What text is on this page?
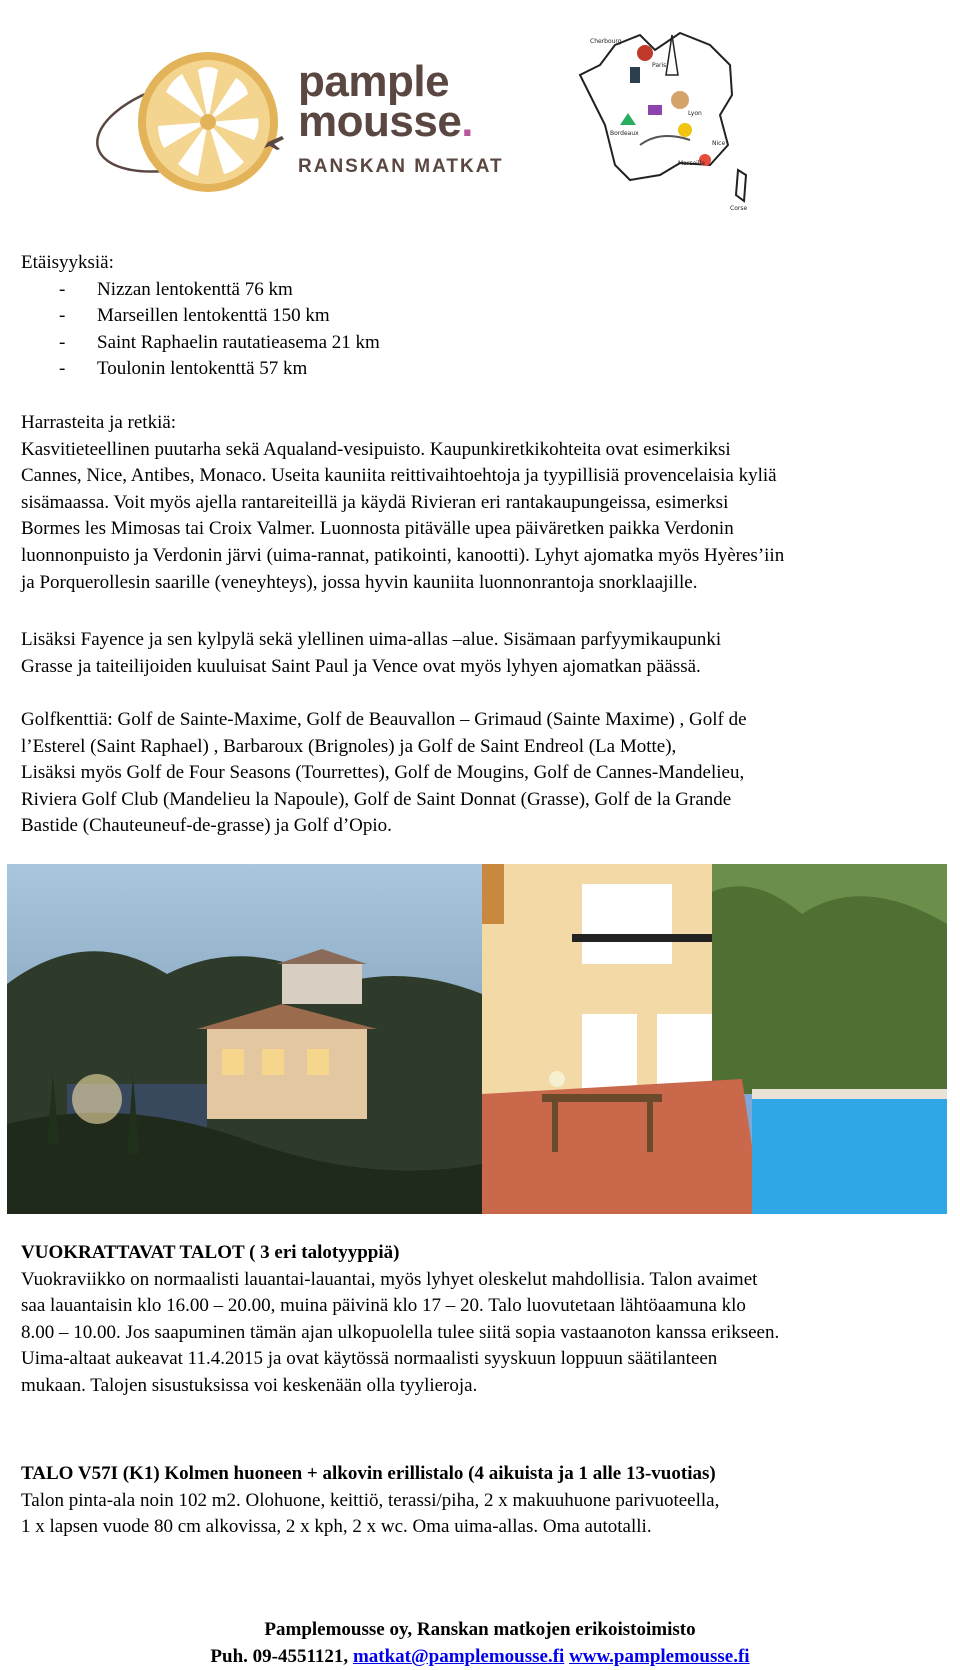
pample
mousse.
RANSKAN MATKAT
Cherbourg
Paris
Lyon
Bordeaux
Nice
Marseille
Corse

Etäisyyksiä:

- Nizzan lentokenttä 76 km
- Marseillen lentokenttä 150 km
- Saint Raphaelin rautatieasema 21 km
- Toulonin lentokenttä 57 km

Harrasteita ja retkiä:

Kasvitieteellinen puutarha sekä Aqualand-vesipuisto. Kaupunkiretkikohteita ovat esimerkiksi

Cannes, Nice, Antibes, Monaco. Useita kauniita reittivaihtoehtoja ja tyypillisiä provencelaisia kyliä

sisämaassa. Voit myös ajella rantareiteillä ja käydä Rivieran eri rantakaupungeissa, esimerksi

Bormes les Mimosas tai Croix Valmer. Luonnosta pitävälle upea päiväretken paikka Verdonin

luonnonpuisto ja Verdonin järvi (uima-rannat, patikointi, kanootti). Lyhyt ajomatka myös Hyères’iin

ja Porquerollesin saarille (veneyhteys), jossa hyvin kauniita luonnonrantoja snorklaajille.

Lisäksi Fayence ja sen kylpylä sekä ylellinen uima-allas –alue. Sisämaan parfyymikaupunki

Grasse ja taiteilijoiden kuuluisat Saint Paul ja Vence ovat myös lyhyen ajomatkan päässä.

Golfkenttiä: Golf de Sainte-Maxime, Golf de Beauvallon – Grimaud (Sainte Maxime) , Golf de

l’Esterel (Saint Raphael) , Barbaroux (Brignoles) ja Golf de Saint Endreol (La Motte),

Lisäksi myös Golf de Four Seasons (Tourrettes), Golf de Mougins, Golf de Cannes-Mandelieu,

Riviera Golf Club (Mandelieu la Napoule), Golf de Saint Donnat (Grasse), Golf de la Grande

Bastide (Chauteuneuf-de-grasse) ja Golf d’Opio.

VUOKRATTAVAT TALOT ( 3 eri talotyyppiä)

Vuokraviikko on normaalisti lauantai-lauantai, myös lyhyet oleskelut mahdollisia. Talon avaimet

saa lauantaisin klo 16.00 – 20.00, muina päivinä klo 17 – 20. Talo luovutetaan lähtöaamuna klo

8.00 – 10.00. Jos saapuminen tämän ajan ulkopuolella tulee siitä sopia vastaanoton kanssa erikseen.

Uima-altaat aukeavat 11.4.2015 ja ovat käytössä normaalisti syyskuun loppuun säätilanteen

mukaan. Talojen sisustuksissa voi keskenään olla tyylieroja.

TALO V57I (K1) Kolmen huoneen + alkovin erillistalo (4 aikuista ja 1 alle 13-vuotias)

Talon pinta-ala noin 102 m2. Olohuone, keittiö, terassi/piha, 2 x makuuhuone parivuoteella,

1 x lapsen vuode 80 cm alkovissa, 2 x kph, 2 x wc. Oma uima-allas. Oma autotalli.

Pamplemousse oy, Ranskan matkojen erikoistoimisto
Puh. 09-4551121, matkat@pamplemousse.fi www.pamplemousse.fi
